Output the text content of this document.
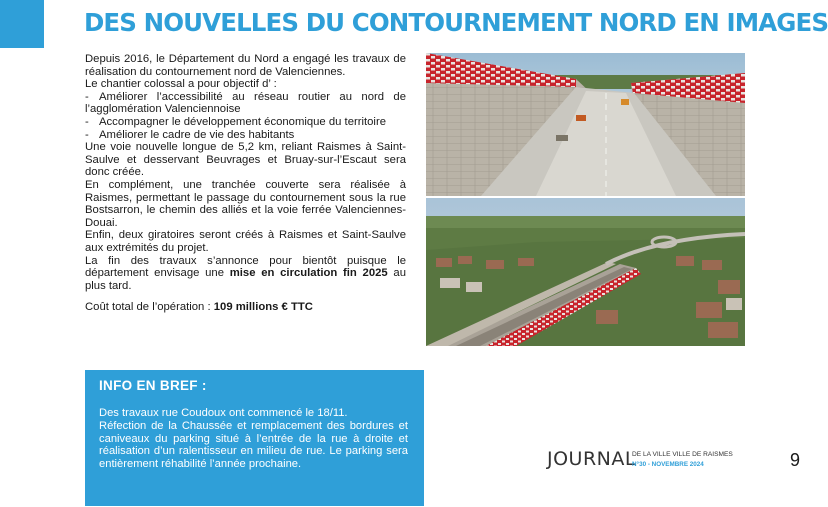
DES NOUVELLES DU CONTOURNEMENT NORD EN IMAGES

Depuis 2016, le Département du Nord a engagé les travaux de réalisation du contournement nord de Valenciennes.

Le chantier colossal a pour objectif d’ :

- Améliorer l’accessibilité au réseau routier au nord de l’agglomération Valenciennoise
- Accompagner le développement économique du territoire
- Améliorer le cadre de vie des habitants

Une voie nouvelle longue de 5,2 km, reliant Raismes à Saint-Saulve et desservant Beuvrages et Bruay-sur-l’Escaut sera donc créée.

En complément, une tranchée couverte sera réalisée à Raismes, permettant le passage du contournement sous la rue Bostsarron, le chemin des alliés et la voie ferrée Valenciennes-Douai.

Enfin, deux giratoires seront créés à Raismes et Saint-Saulve aux extrémités du projet.

La fin des travaux s’annonce pour bientôt puisque le département envisage une mise en circulation fin 2025 au plus tard.

Coût total de l’opération : 109 millions € TTC

INFO EN BREF :

Des travaux rue Coudoux ont commencé le 18/11.

Réfection de la Chaussée et remplacement des bordures et caniveaux du parking situé à l’entrée de la rue à droite et réalisation d’un ralentisseur en milieu de rue. Le parking sera entièrement réhabilité l’année prochaine.	JOURNAL
DE LA VILLE VILLE DE RAISMES
N°30 - NOVEMBRE 2024	9
